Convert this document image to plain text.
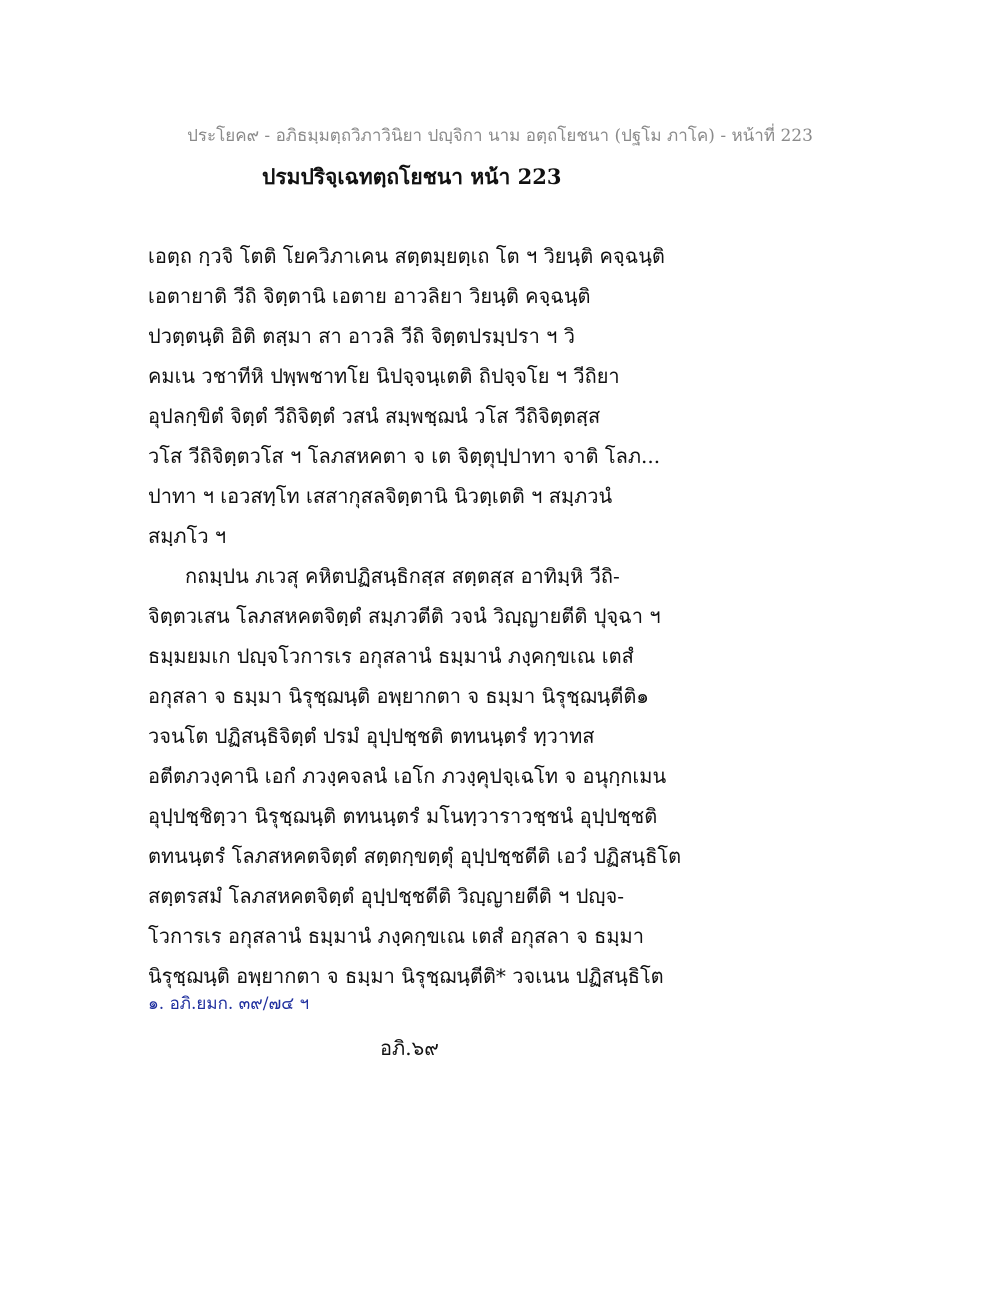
ประโยค๙ - อภิธมฺมตฺถวิภาวินิยา ปญฺจิกา นาม อตฺถโยชนา (ปฐโม ภาโค) - หน้าที่ 223
ปรมปริจฺเฉทตฺถโยชนา หน้า 223
เอตฺถ กฺวจิ โตติ โยควิภาเคน สตฺตมฺยตฺเถ โต ฯ วิยนฺติ คจฺฉนฺติ
เอตายาติ วีถิ จิตฺตานิ เอตาย อาวลิยา วิยนฺติ คจฺฉนฺติ
ปวตฺตนฺติ อิติ ตสฺมา สา อาวลิ วีถิ จิตฺตปรมฺปรา ฯ วิ
คมเน วชาทีหิ ปพฺพชาทโย นิปจฺจนฺเตติ ถิปจฺจโย ฯ วีถิยา
อุปลกฺขิตํ จิตฺตํ วีถิจิตฺตํ วสนํ สมฺพชฺฌนํ วโส วีถิจิตฺตสฺส
วโส วีถิจิตฺตวโส ฯ โลภสหคตา จ เต จิตฺตุปฺปาทา จาติ โลภ...
ปาทา ฯ เอวสทฺโท เสสากุสลจิตฺตานิ นิวตฺเตติ ฯ สมฺภวนํ
สมฺภโว ฯ
กถมฺปน ภเวสุ คหิตปฏิสนฺธิกสฺส สตฺตสฺส อาทิมฺหิ วีถิ-
จิตฺตวเสน โลภสหคตจิตฺตํ สมฺภวตีติ วจนํ วิญฺญายตีติ ปุจฺฉา ฯ
ธมฺมยมเก ปญฺจโวการเร อกุสลานํ ธมฺมานํ ภงฺคกฺขเณ เตสํ
อกุสลา จ ธมฺมา นิรุชฺฌนฺติ อพฺยากตา จ ธมฺมา นิรุชฺฌนฺตีติ๑
วจนโต ปฏิสนฺธิจิตฺตํ ปรมํ อุปฺปชฺชติ ตทนนฺตรํ ทฺวาทส
อตีตภวงฺคานิ เอกํ ภวงฺคจลนํ เอโก ภวงฺคุปจฺเฉโท จ อนุกฺกเมน
อุปฺปชฺชิตฺวา นิรุชฺฌนฺติ ตทนนฺตรํ มโนทฺวาราวชฺชนํ อุปฺปชฺชติ
ตทนนฺตรํ โลภสหคตจิตฺตํ สตฺตกฺขตฺตุํ อุปฺปชฺชตีติ เอวํ ปฏิสนฺธิโต
สตฺตรสมํ โลภสหคตจิตฺตํ อุปฺปชฺชตีติ วิญฺญายตีติ ฯ ปญฺจ-
โวการเร อกุสลานํ ธมฺมานํ ภงฺคกฺขเณ เตสํ อกุสลา จ ธมฺมา
นิรุชฺฌนฺติ อพฺยากตา จ ธมฺมา นิรุชฺฌนฺตีติ* วจเนน ปฏิสนฺธิโต
๑. อภิ.ยมก. ๓๙/๗๔ ฯ
อภิ.๖๙
